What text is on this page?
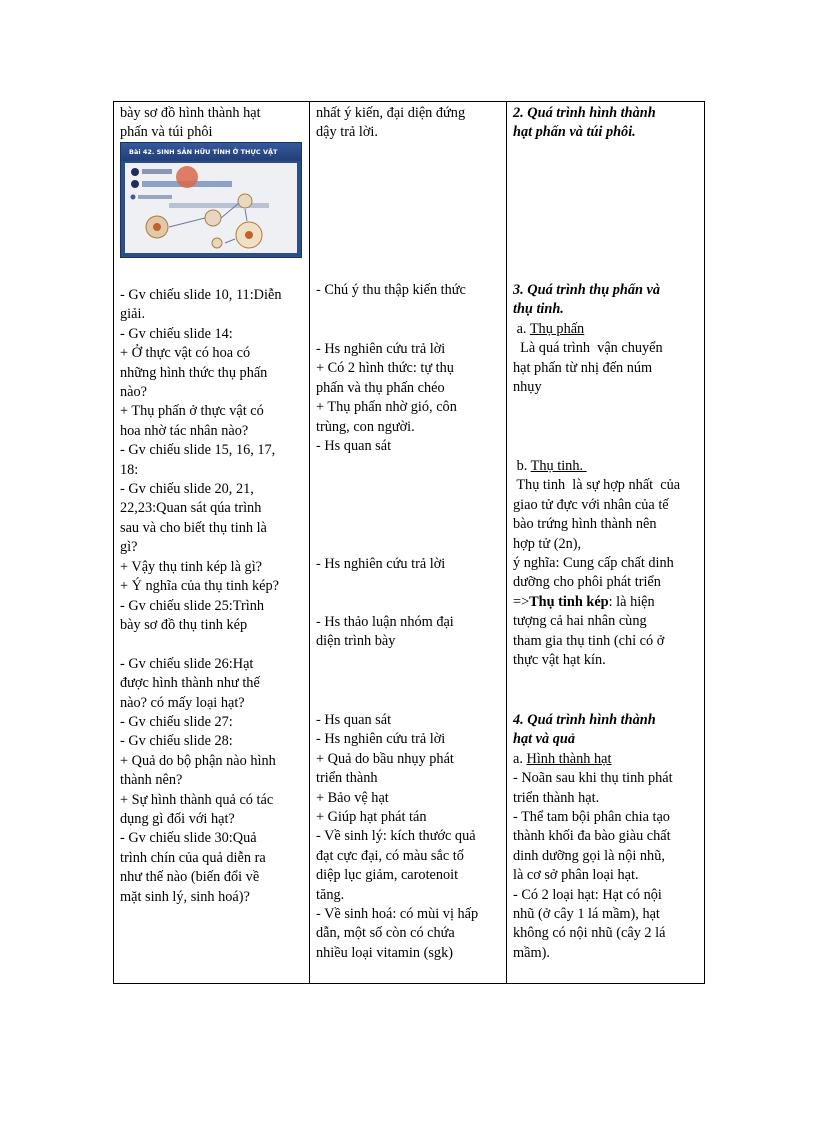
bày sơ đồ hình thành hạt

phấn và túi phôi

Bài 42. SINH SẢN HỮU TÍNH Ở THỰC VẬT

- Gv chiếu slide 10, 11:Diễn

giải.

- Gv chiếu slide 14:

+ Ở thực vật có hoa có

những hình thức thụ phấn

nào?

+ Thụ phấn ở thực vật có

hoa nhờ tác nhân nào?

- Gv chiếu slide 15, 16, 17,

18:

- Gv chiếu slide 20, 21,

22,23:Quan sát qúa trình

sau và cho biết thụ tinh là

gì?

+ Vậy thụ tinh kép là gì?

+ Ý nghĩa của thụ tinh kép?

- Gv chiếu slide 25:Trình

bày sơ đồ thụ tinh kép

- Gv chiếu slide 26:Hạt

được hình thành như thế

nào? có mấy loại hạt?

- Gv chiếu slide 27:

- Gv chiếu slide 28:

+ Quả do bộ phận nào hình

thành nên?

+ Sự hình thành quả có tác

dụng gì đối với hạt?

- Gv chiếu slide 30:Quả

trình chín của quả diễn ra

như thế nào (biến đổi về

mặt sinh lý, sinh hoá)?

nhất ý kiến, đại diện đứng

dậy trả lời.

- Chú ý thu thập kiến thức

- Hs nghiên cứu trả lời

+ Có 2 hình thức: tự thụ

phấn và thụ phấn chéo

+ Thụ phấn nhờ gió, côn

trùng, con người.

- Hs quan sát

- Hs nghiên cứu trả lời

- Hs thảo luận nhóm đại

diện trình bày

- Hs quan sát

- Hs nghiên cứu trả lời

+ Quả do bầu nhụy phát

triển thành

+ Bảo vệ hạt

+ Giúp hạt phát tán

- Về sinh lý: kích thước quả

đạt cực đại, có màu sắc tố

diệp lục giảm, carotenoit

tăng.

- Về sinh hoá: có mùi vị hấp

dẫn, một số còn có chứa

nhiều loại vitamin (sgk)

2. Quá trình hình thành

hạt phấn và túi phôi.

3. Quá trình thụ phấn và

thụ tinh.

a. Thụ phấn

Là quá trình  vận chuyển

hạt phấn từ nhị đến núm

nhụy

b. Thụ tinh.

Thụ tinh  là sự hợp nhất  của

giao tử đực với nhân của tế

bào trứng hình thành nên

hợp tử (2n),

ý nghĩa: Cung cấp chất dinh

dưỡng cho phôi phát triển

=>Thụ tinh kép: là hiện

tượng cả hai nhân cùng

tham gia thụ tinh (chỉ có ở

thực vật hạt kín.

4. Quá trình hình thành

hạt và quả

a. Hình thành hạt

- Noãn sau khi thụ tinh phát

triển thành hạt.

- Thể tam bội phân chia tạo

thành khối đa bào giàu chất

dinh dưỡng gọi là nội nhũ,

là cơ sở phân loại hạt.

- Có 2 loại hạt: Hạt có nội

nhũ (ở cây 1 lá mầm), hạt

không có nội nhũ (cây 2 lá

mầm).
